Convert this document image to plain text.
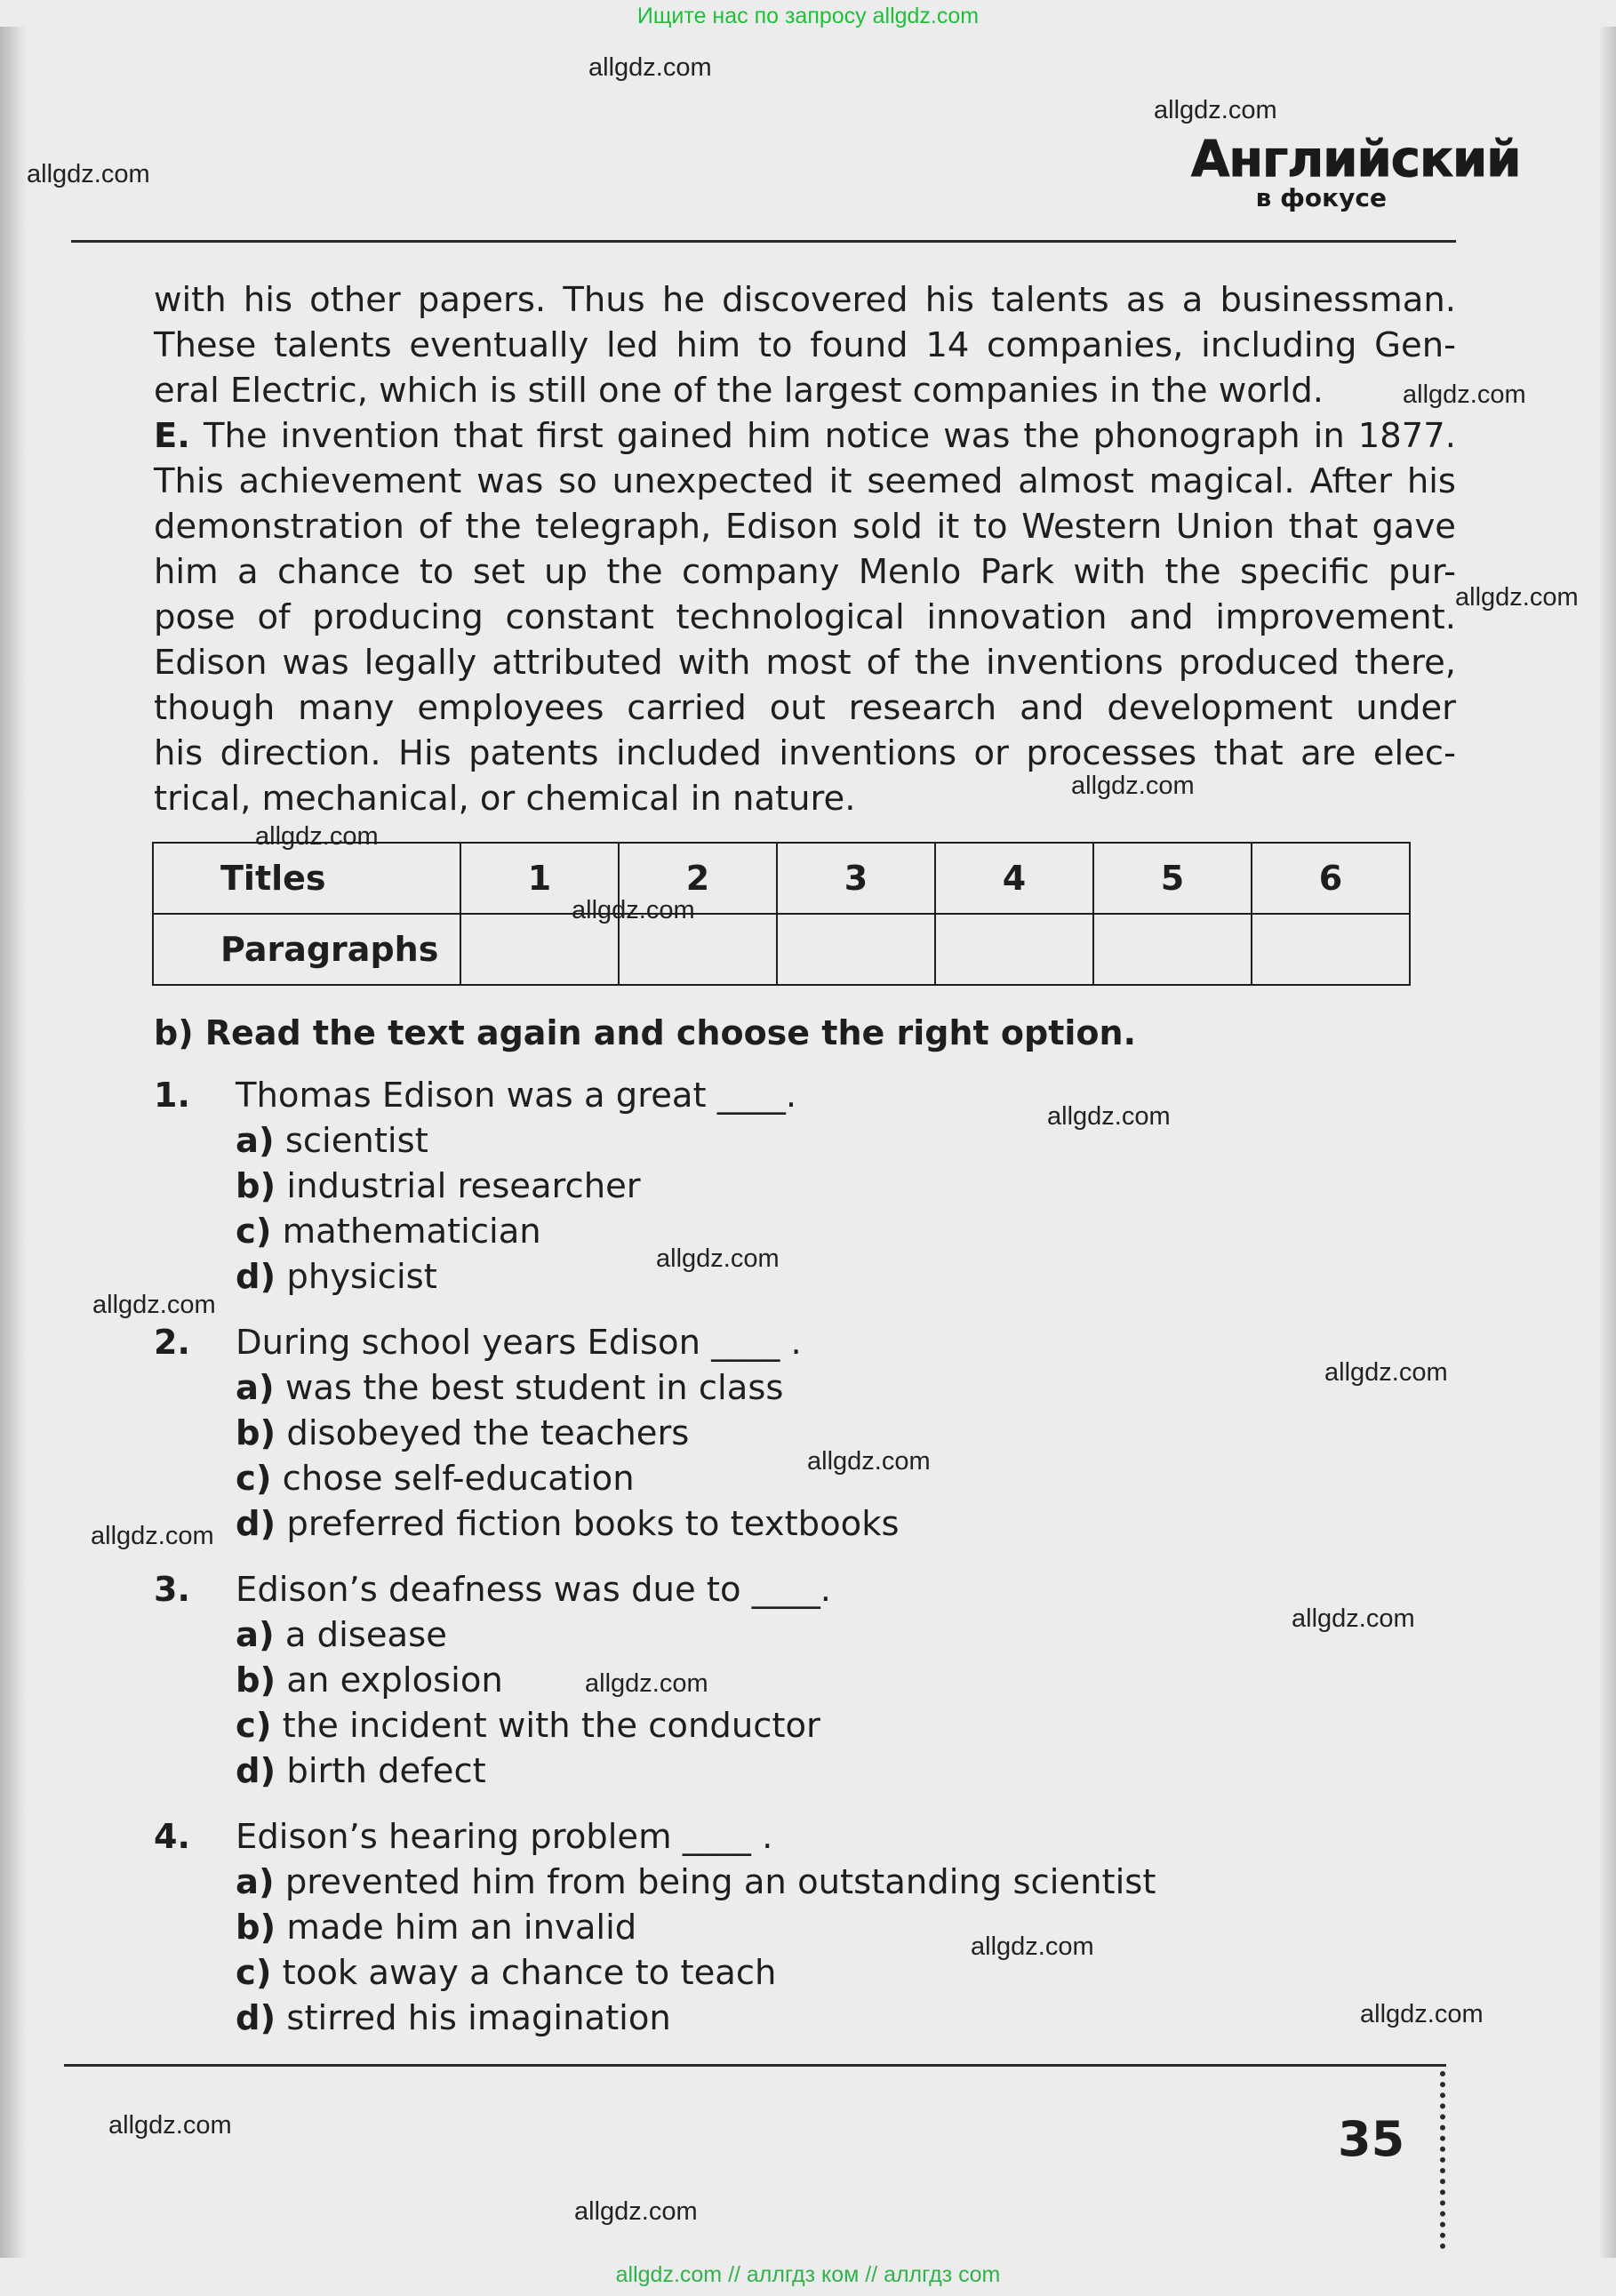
Ищите нас по запросу allgdz.com
allgdz.com
allgdz.com
allgdz.com
allgdz.com
allgdz.com
allgdz.com
allgdz.com
allgdz.com
allgdz.com
allgdz.com
allgdz.com
allgdz.com
allgdz.com
allgdz.com
allgdz.com
allgdz.com
allgdz.com
allgdz.com
allgdz.com
allgdz.com
Английский
в фокусе
with his other papers. Thus he discovered his talents as a businessman.
These talents eventually led him to found 14 companies, including Gen-
eral Electric, which is still one of the largest companies in the world.
E. The invention that first gained him notice was the phonograph in 1877.
This achievement was so unexpected it seemed almost magical. After his
demonstration of the telegraph, Edison sold it to Western Union that gave
him a chance to set up the company Menlo Park with the specific pur-
pose of producing constant technological innovation and improvement.
Edison was legally attributed with most of the inventions produced there,
though many employees carried out research and development under
his direction. His patents included inventions or processes that are elec-
trical, mechanical, or chemical in nature.
Titles	1	2	3	4	5	6
Paragraphs						
b) Read the text again and choose the right option.
1. Thomas Edison was a great ____.
a) scientist
b) industrial researcher
c) mathematician
d) physicist
2. During school years Edison ____ .
a) was the best student in class
b) disobeyed the teachers
c) chose self-education
d) preferred fiction books to textbooks
3. Edison’s deafness was due to ____.
a) a disease
b) an explosion
c) the incident with the conductor
d) birth defect
4. Edison’s hearing problem ____ .
a) prevented him from being an outstanding scientist
b) made him an invalid
c) took away a chance to teach
d) stirred his imagination
35
allgdz.com // аллгдз ком // аллгдз com
